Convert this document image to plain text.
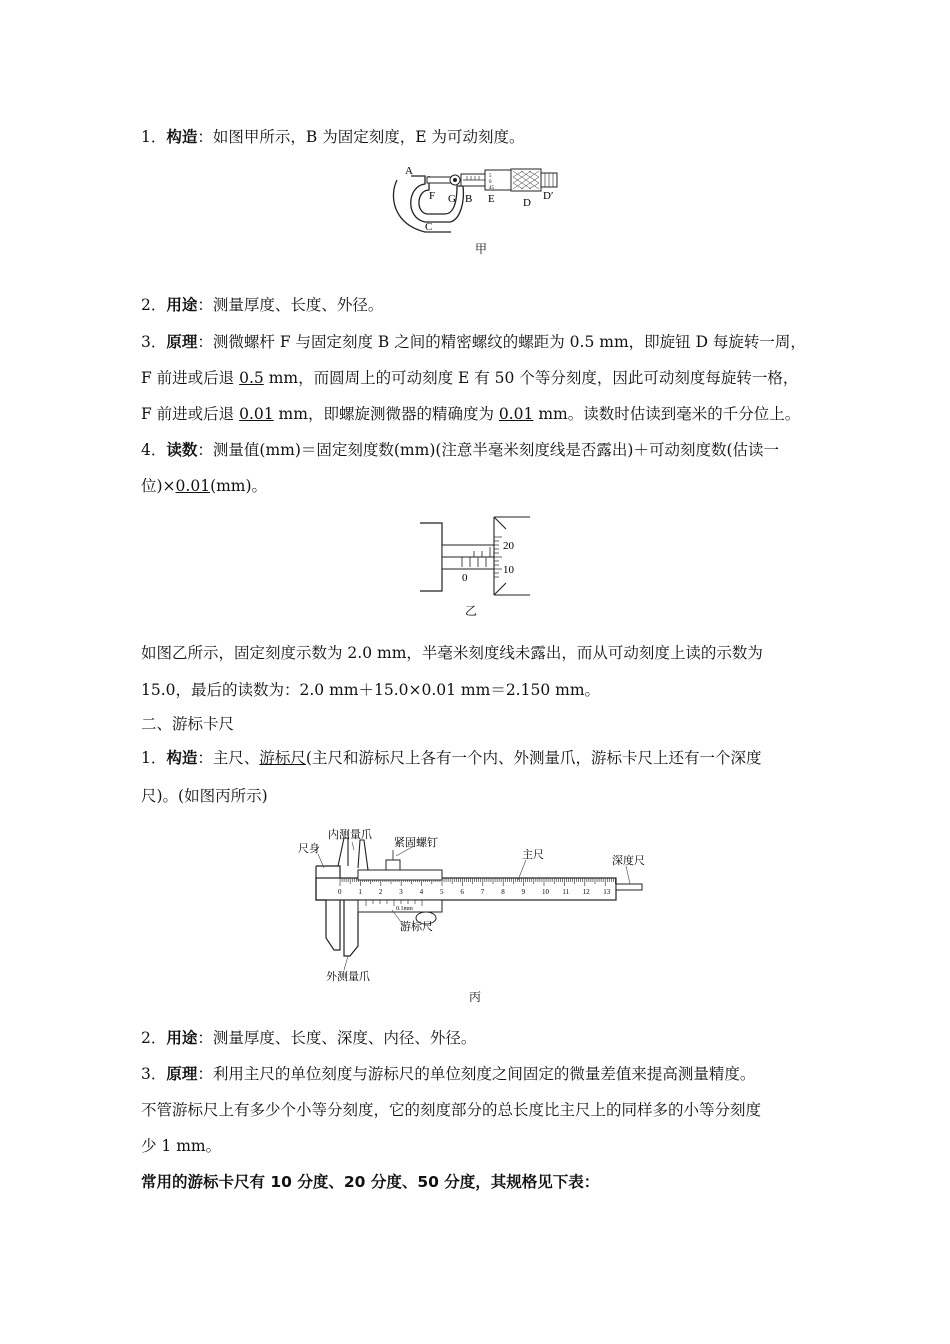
1．构造：如图甲所示，B 为固定刻度，E 为可动刻度。
5
0
45
A
F G B E	D
D′
C
甲
2．用途：测量厚度、长度、外径。
3．原理：测微螺杆 F 与固定刻度 B 之间的精密螺纹的螺距为 0.5 mm，即旋钮 D 每旋转一周，
F 前进或后退 0.5 mm，而圆周上的可动刻度 E 有 50 个等分刻度，因此可动刻度每旋转一格，
F 前进或后退 0.01 mm，即螺旋测微器的精确度为 0.01 mm。读数时估读到毫米的千分位上。
4．读数：测量值(mm)＝固定刻度数(mm)(注意半毫米刻度线是否露出)＋可动刻度数(估读一
位)×0.01(mm)。
20
10
0
乙
如图乙所示，固定刻度示数为 2.0 mm，半毫米刻度线未露出，而从可动刻度上读的示数为
15.0，最后的读数为：2.0 mm＋15.0×0.01 mm＝2.150 mm。
二、游标卡尺
1．构造：主尺、游标尺(主尺和游标尺上各有一个内、外测量爪，游标卡尺上还有一个深度
尺)。(如图丙所示)
尺身
内测量爪
紧固螺钉
主尺	深度尺
游标尺
外测量爪
0.1mm
0 1 2 3 4 5 6 7 8 9 10 11 12 13
丙
2．用途：测量厚度、长度、深度、内径、外径。
3．原理：利用主尺的单位刻度与游标尺的单位刻度之间固定的微量差值来提高测量精度。
不管游标尺上有多少个小等分刻度，它的刻度部分的总长度比主尺上的同样多的小等分刻度
少 1 mm。
常用的游标卡尺有 10 分度、20 分度、50 分度，其规格见下表：
